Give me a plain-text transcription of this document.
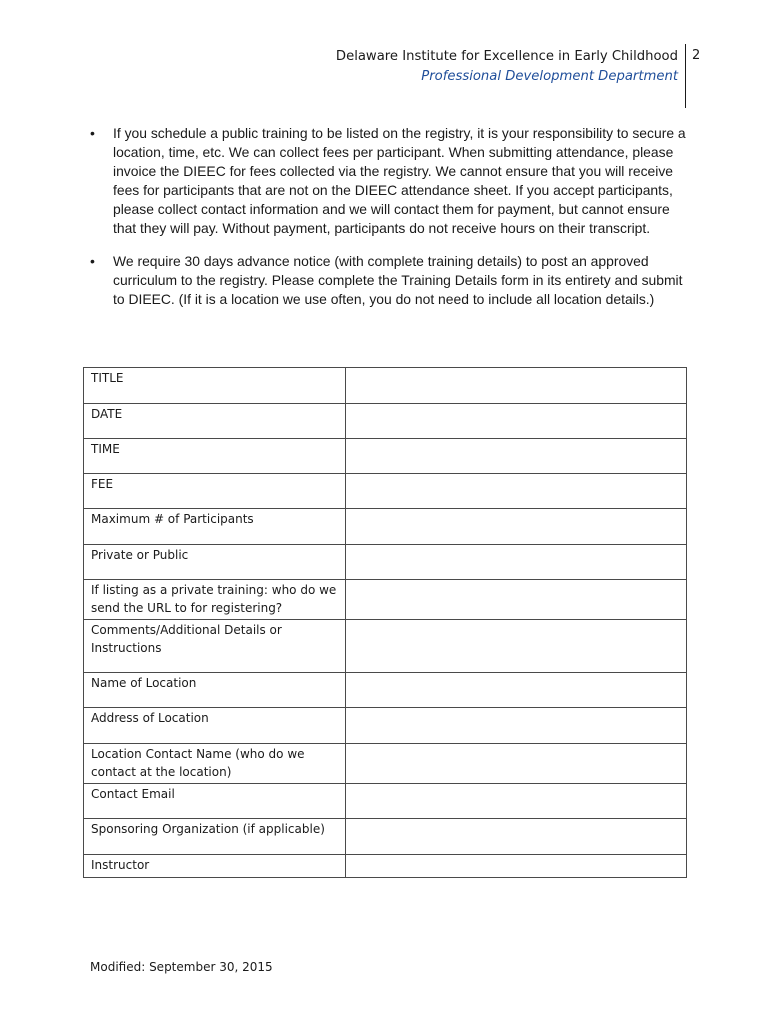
Delaware Institute for Excellence in Early Childhood
Professional Development Department
2
• If you schedule a public training to be listed on the registry, it is your responsibility to secure a location, time, etc. We can collect fees per participant. When submitting attendance, please invoice the DIEEC for fees collected via the registry. We cannot ensure that you will receive fees for participants that are not on the DIEEC attendance sheet. If you accept participants, please collect contact information and we will contact them for payment, but cannot ensure that they will pay. Without payment, participants do not receive hours on their transcript.
• We require 30 days advance notice (with complete training details) to post an approved curriculum to the registry. Please complete the Training Details form in its entirety and submit to DIEEC. (If it is a location we use often, you do not need to include all location details.)
TITLE	
DATE	
TIME	
FEE	
Maximum # of Participants	
Private or Public	
If listing as a private training: who do we send the URL to for registering?	
Comments/Additional Details or Instructions	
Name of Location	
Address of Location	
Location Contact Name (who do we contact at the location)	
Contact Email	
Sponsoring Organization (if applicable)	
Instructor	
Modified: September 30, 2015
